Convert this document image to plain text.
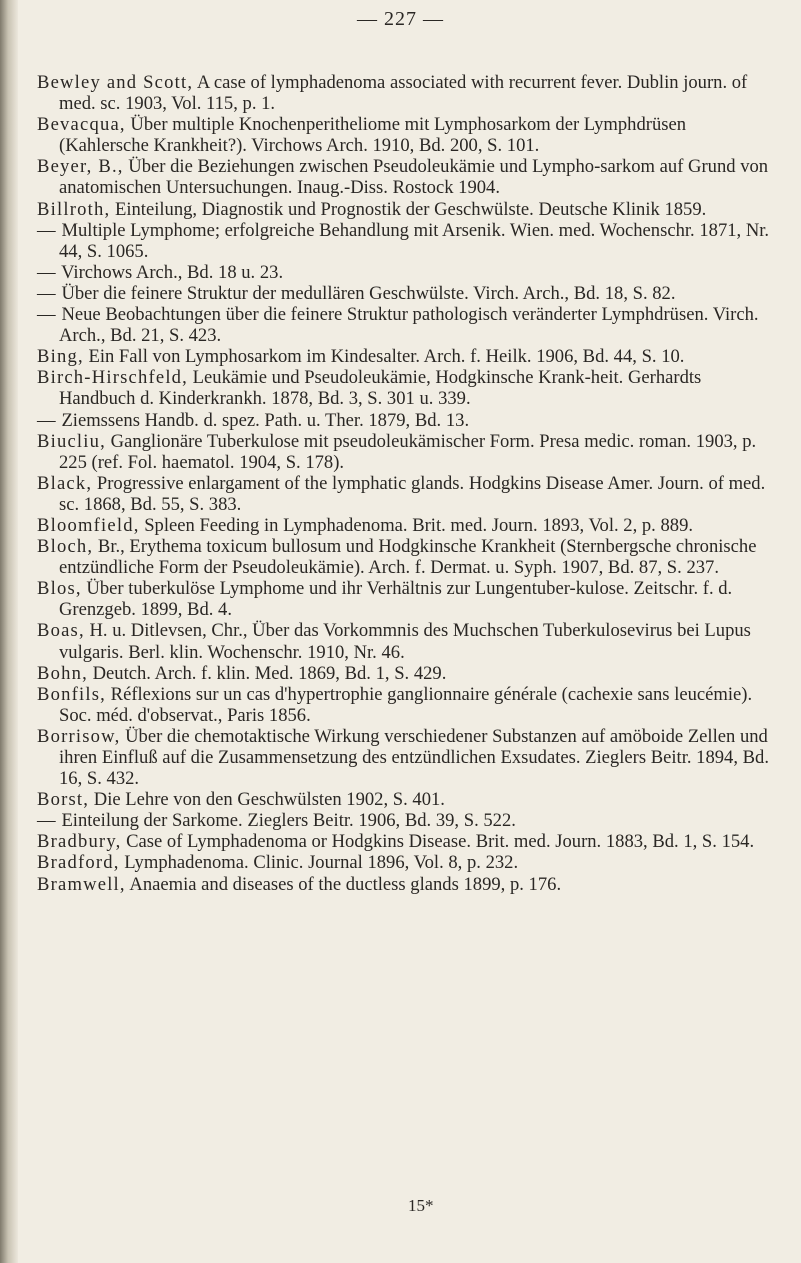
— 227 —
Bewley and Scott, A case of lymphadenoma associated with recurrent fever. Dublin journ. of med. sc. 1903, Vol. 115, p. 1.
Bevacqua, Über multiple Knochenperitheliome mit Lymphosarkom der Lymphdrüsen (Kahlersche Krankheit?). Virchows Arch. 1910, Bd. 200, S. 101.
Beyer, B., Über die Beziehungen zwischen Pseudoleukämie und Lympho-sarkom auf Grund von anatomischen Untersuchungen. Inaug.-Diss. Rostock 1904.
Billroth, Einteilung, Diagnostik und Prognostik der Geschwülste. Deutsche Klinik 1859.
— Multiple Lymphome; erfolgreiche Behandlung mit Arsenik. Wien. med. Wochenschr. 1871, Nr. 44, S. 1065.
— Virchows Arch., Bd. 18 u. 23.
— Über die feinere Struktur der medullären Geschwülste. Virch. Arch., Bd. 18, S. 82.
— Neue Beobachtungen über die feinere Struktur pathologisch veränderter Lymphdrüsen. Virch. Arch., Bd. 21, S. 423.
Bing, Ein Fall von Lymphosarkom im Kindesalter. Arch. f. Heilk. 1906, Bd. 44, S. 10.
Birch-Hirschfeld, Leukämie und Pseudoleukämie, Hodgkinsche Krank-heit. Gerhardts Handbuch d. Kinderkrankh. 1878, Bd. 3, S. 301 u. 339.
— Ziemssens Handb. d. spez. Path. u. Ther. 1879, Bd. 13.
Biucliu, Ganglionäre Tuberkulose mit pseudoleukämischer Form. Presa medic. roman. 1903, p. 225 (ref. Fol. haematol. 1904, S. 178).
Black, Progressive enlargament of the lymphatic glands. Hodgkins Disease Amer. Journ. of med. sc. 1868, Bd. 55, S. 383.
Bloomfield, Spleen Feeding in Lymphadenoma. Brit. med. Journ. 1893, Vol. 2, p. 889.
Bloch, Br., Erythema toxicum bullosum und Hodgkinsche Krankheit (Sternbergsche chronische entzündliche Form der Pseudoleukämie). Arch. f. Dermat. u. Syph. 1907, Bd. 87, S. 237.
Blos, Über tuberkulöse Lymphome und ihr Verhältnis zur Lungentuber-kulose. Zeitschr. f. d. Grenzgeb. 1899, Bd. 4.
Boas, H. u. Ditlevsen, Chr., Über das Vorkommnis des Muchschen Tuberkulosevirus bei Lupus vulgaris. Berl. klin. Wochenschr. 1910, Nr. 46.
Bohn, Deutch. Arch. f. klin. Med. 1869, Bd. 1, S. 429.
Bonfils, Réflexions sur un cas d'hypertrophie ganglionnaire générale (cachexie sans leucémie). Soc. méd. d'observat., Paris 1856.
Borrisow, Über die chemotaktische Wirkung verschiedener Substanzen auf amöboide Zellen und ihren Einfluß auf die Zusammensetzung des entzündlichen Exsudates. Zieglers Beitr. 1894, Bd. 16, S. 432.
Borst, Die Lehre von den Geschwülsten 1902, S. 401.
— Einteilung der Sarkome. Zieglers Beitr. 1906, Bd. 39, S. 522.
Bradbury, Case of Lymphadenoma or Hodgkins Disease. Brit. med. Journ. 1883, Bd. 1, S. 154.
Bradford, Lymphadenoma. Clinic. Journal 1896, Vol. 8, p. 232.
Bramwell, Anaemia and diseases of the ductless glands 1899, p. 176.
15*
